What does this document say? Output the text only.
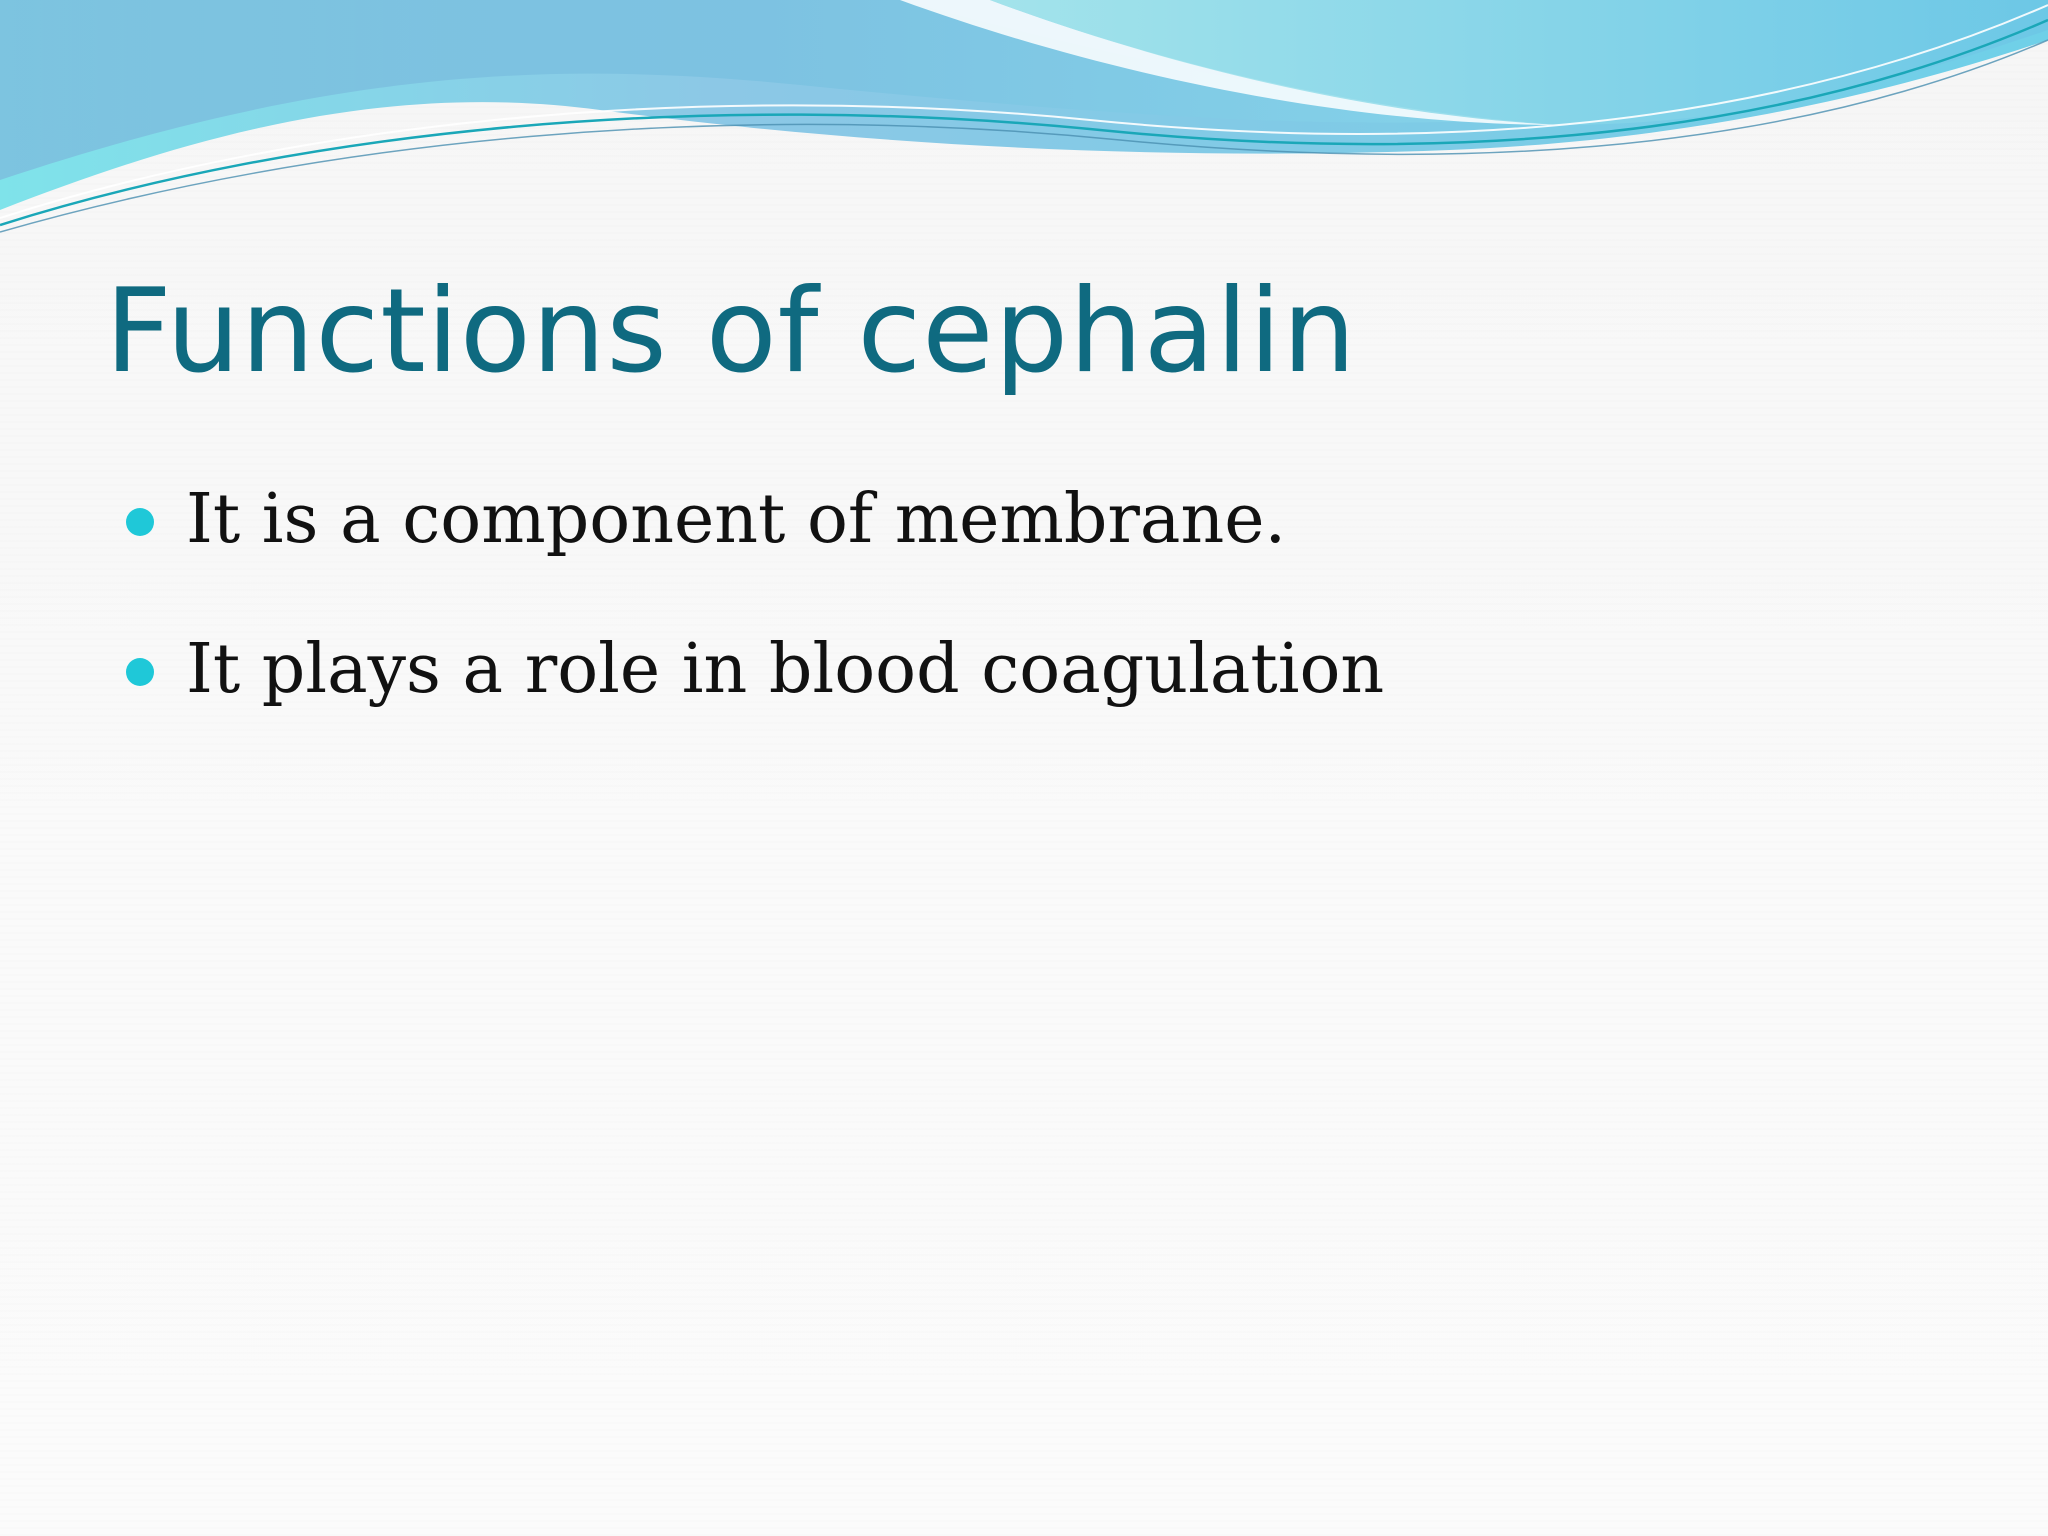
Functions of cephalin
It is a component of membrane.
It plays a role in blood coagulation
